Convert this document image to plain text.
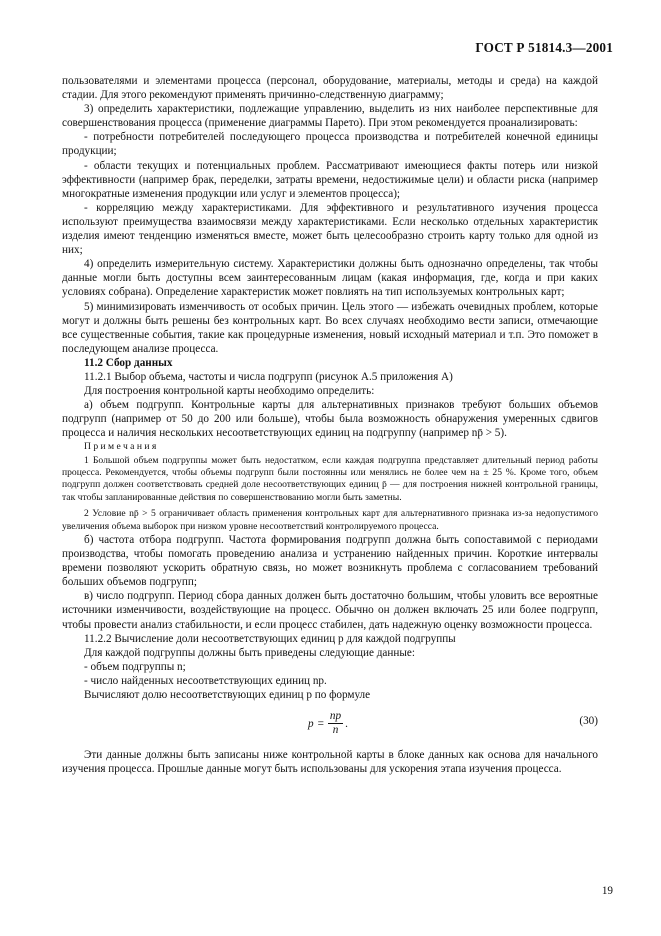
ГОСТ Р 51814.3—2001

пользователями и элементами процесса (персонал, оборудование, материалы, методы и среда) на каждой стадии. Для этого рекомендуют применять причинно-следственную диаграмму;

3) определить характеристики, подлежащие управлению, выделить из них наиболее перспективные для совершенствования процесса (применение диаграммы Парето). При этом рекомендуется проанализировать:

- потребности потребителей последующего процесса производства и потребителей конечной единицы продукции;

- области текущих и потенциальных проблем. Рассматривают имеющиеся факты потерь или низкой эффективности (например брак, переделки, затраты времени, недостижимые цели) и области риска (например многократные изменения продукции или услуг и элементов процесса);

- корреляцию между характеристиками. Для эффективного и результативного изучения процесса используют преимущества взаимосвязи между характеристиками. Если несколько отдельных характеристик изделия имеют тенденцию изменяться вместе, может быть целесообразно строить карту только для одной из них;

4) определить измерительную систему. Характеристики должны быть однозначно определены, так чтобы данные могли быть доступны всем заинтересованным лицам (какая информация, где, когда и при каких условиях собрана). Определение характеристик может повлиять на тип используемых контрольных карт;

5) минимизировать изменчивость от особых причин. Цель этого — избежать очевидных проблем, которые могут и должны быть решены без контрольных карт. Во всех случаях необходимо вести записи, отмечающие все существенные события, такие как процедурные изменения, новый исходный материал и т.п. Это поможет в последующем анализе процесса.

11.2 Сбор данных

11.2.1 Выбор объема, частоты и числа подгрупп (рисунок А.5 приложения А)

Для построения контрольной карты необходимо определить:

а) объем подгрупп. Контрольные карты для альтернативных признаков требуют больших объемов подгрупп (например от 50 до 200 или больше), чтобы была возможность обнаружения умеренных сдвигов процесса и наличия нескольких несоответствующих единиц на подгруппу (например np̄ > 5).

Примечания

1 Большой объем подгруппы может быть недостатком, если каждая подгруппа представляет длительный период работы процесса. Рекомендуется, чтобы объемы подгрупп были постоянны или менялись не более чем на ± 25 %. Кроме того, объем подгрупп должен соответствовать средней доле несоответствующих единиц p̄ — для построения нижней контрольной границы, так чтобы запланированные действия по совершенствованию могли быть заметны.

2 Условие np̄ > 5 ограничивает область применения контрольных карт для альтернативного признака из-за недопустимого увеличения объема выборок при низком уровне несоответствий контролируемого процесса.

б) частота отбора подгрупп. Частота формирования подгрупп должна быть сопоставимой с периодами производства, чтобы помогать проведению анализа и устранению найденных причин. Короткие интервалы времени позволяют ускорить обратную связь, но может возникнуть проблема с согласованием требований больших объемов подгрупп;

в) число подгрупп. Период сбора данных должен быть достаточно большим, чтобы уловить все вероятные источники изменчивости, воздействующие на процесс. Обычно он должен включать 25 или более подгрупп, чтобы провести анализ стабильности, и если процесс стабилен, дать надежную оценку возможности процесса.

11.2.2 Вычисление доли несоответствующих единиц p для каждой подгруппы

Для каждой подгруппы должны быть приведены следующие данные:

- объем подгруппы n;

- число найденных несоответствующих единиц np.

Вычисляют долю несоответствующих единиц p по формуле

$p = \frac{np}{n}$ .	(30)

Эти данные должны быть записаны ниже контрольной карты в блоке данных как основа для начального изучения процесса. Прошлые данные могут быть использованы для ускорения этапа изучения процесса.

19
